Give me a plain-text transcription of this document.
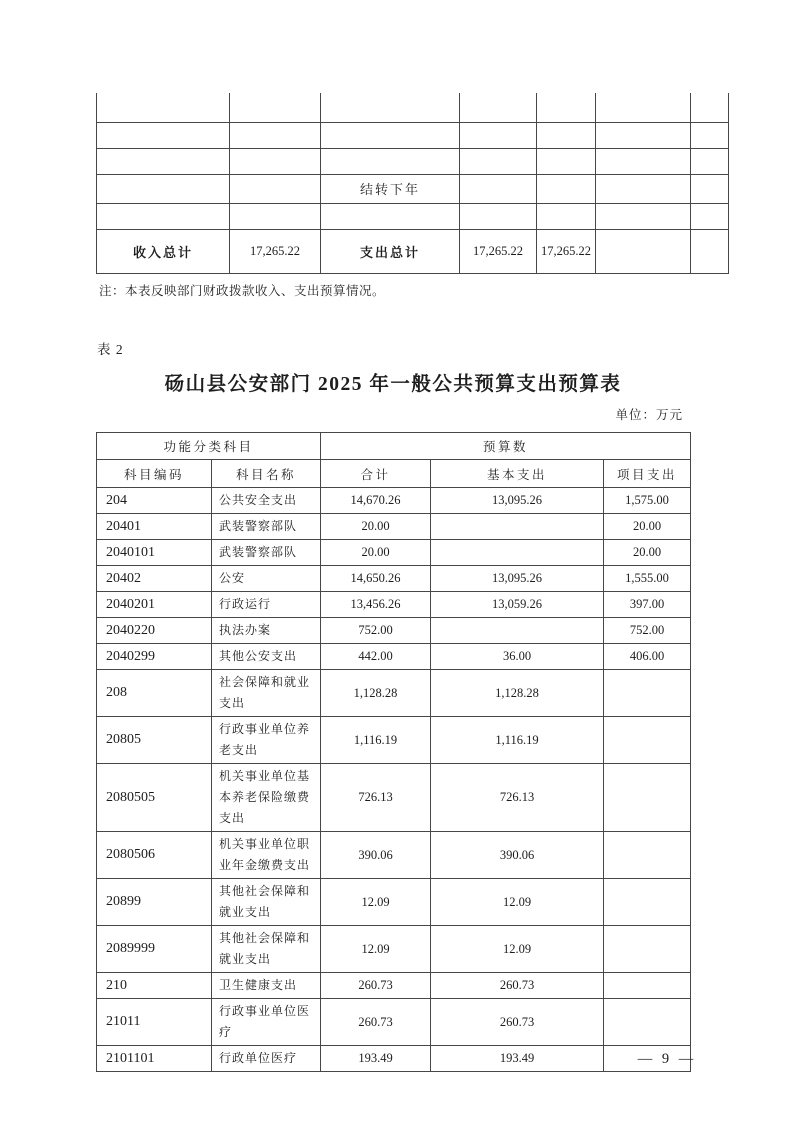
		结转下年				

收入总计	17,265.22	支出总计	17,265.22	17,265.22		
注：本表反映部门财政拨款收入、支出预算情况。
表 2
砀山县公安部门 2025 年一般公共预算支出预算表
单位：万元
功能分类科目		预算数		
科目编码	科目名称	合计	基本支出	项目支出
204	公共安全支出	14,670.26	13,095.26	1,575.00
20401	武装警察部队	20.00		20.00
2040101	武装警察部队	20.00		20.00
20402	公安	14,650.26	13,095.26	1,555.00
2040201	行政运行	13,456.26	13,059.26	397.00
2040220	执法办案	752.00		752.00
2040299	其他公安支出	442.00	36.00	406.00
208	社会保障和就业支出	1,128.28	1,128.28	
20805	行政事业单位养老支出	1,116.19	1,116.19	
2080505	机关事业单位基本养老保险缴费支出	726.13	726.13	
2080506	机关事业单位职业年金缴费支出	390.06	390.06	
20899	其他社会保障和就业支出	12.09	12.09	
2089999	其他社会保障和就业支出	12.09	12.09	
210	卫生健康支出	260.73	260.73	
21011	行政事业单位医疗	260.73	260.73	
2101101	行政单位医疗	193.49	193.49		— 9 —
